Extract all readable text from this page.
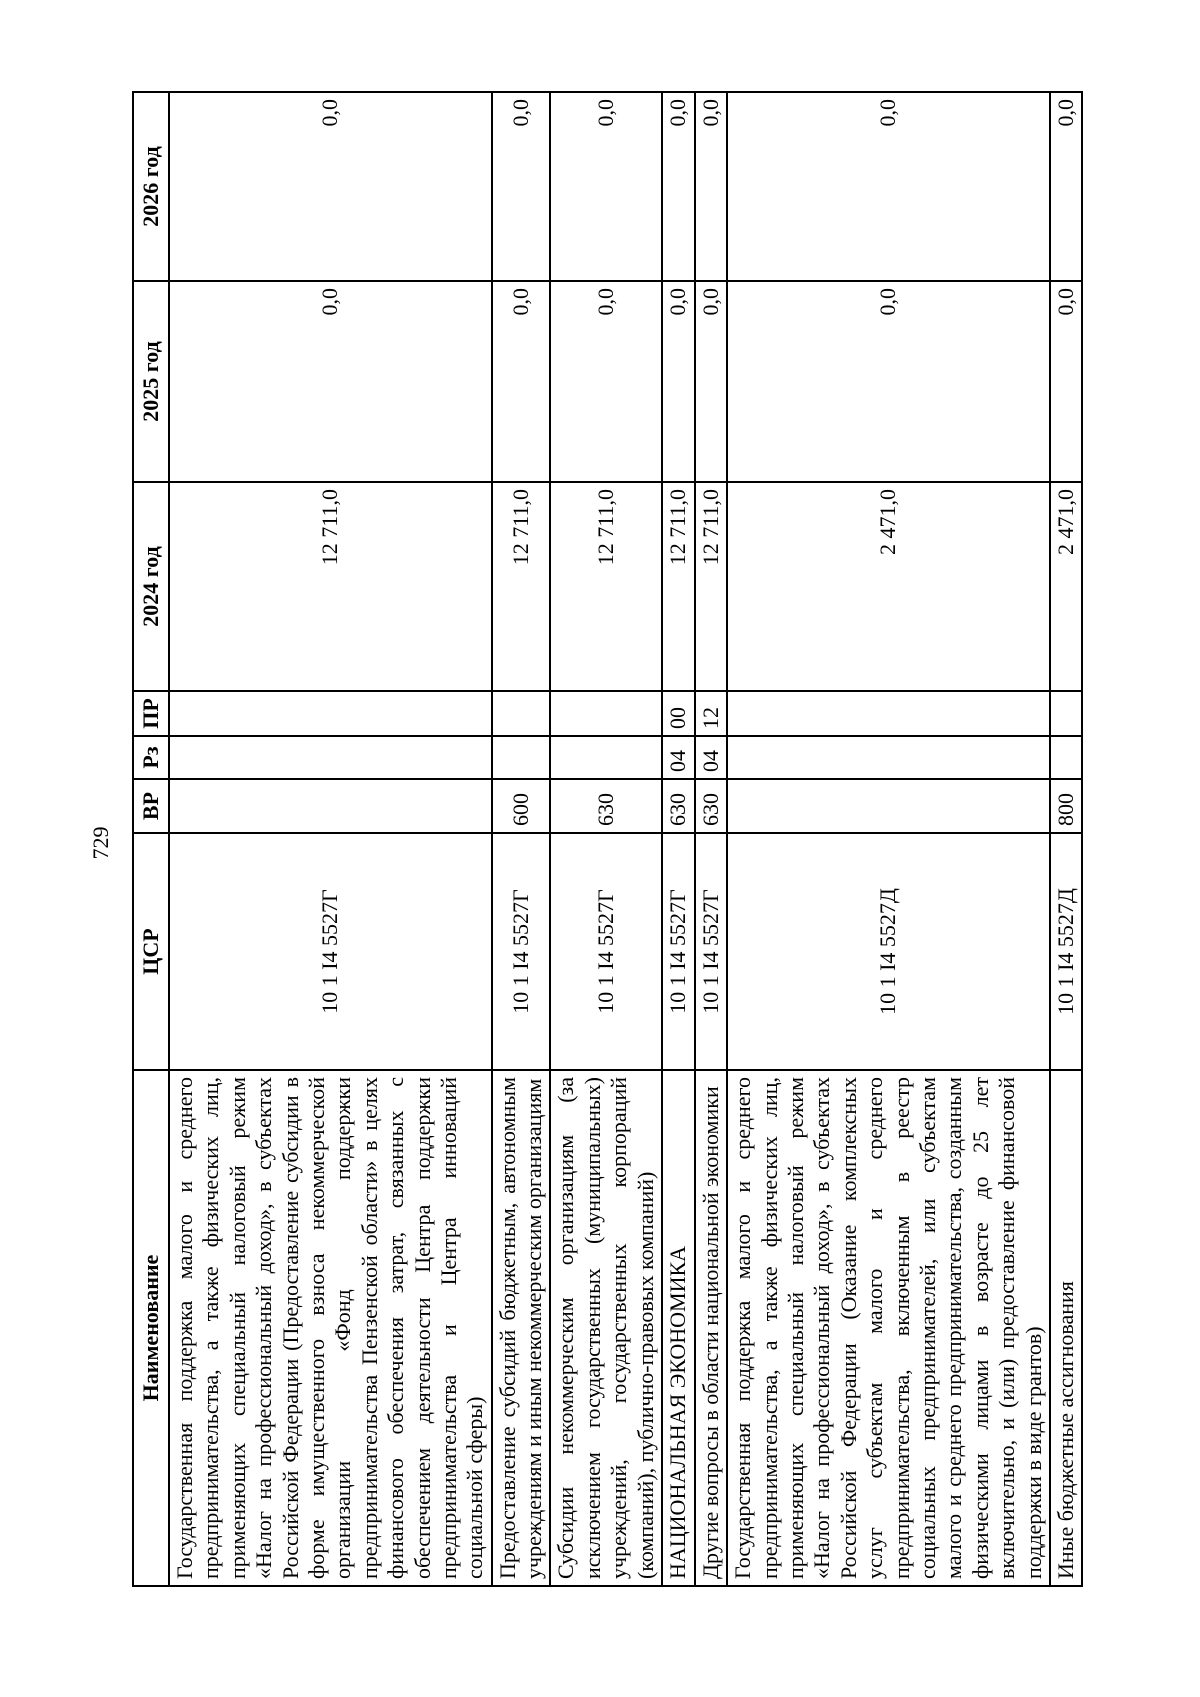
729
Наименование	ЦСР	ВР	Рз	ПР	2024 год	2025 год	2026 год
Государственная поддержка малого и среднего предпринимательства, а также физических лиц, применяющих специальный налоговый режим «Налог на профессиональный доход», в субъектах Российской Федерации (Предоставление субсидии в форме имущественного взноса некоммерческой организации «Фонд поддержки предпринимательства Пензенской области» в целях финансового обеспечения затрат, связанных с обеспечением деятельности Центра поддержки предпринимательства и Центра инноваций социальной сферы)	10 1 I4 5527Г				12 711,0	0,0	0,0
Предоставление субсидий бюджетным, автономным учреждениям и иным некоммерческим организациям	10 1 I4 5527Г	600			12 711,0	0,0	0,0
Субсидии некоммерческим организациям (за исключением государственных (муниципальных) учреждений, государственных корпораций (компаний), публично-правовых компаний)	10 1 I4 5527Г	630			12 711,0	0,0	0,0
НАЦИОНАЛЬНАЯ ЭКОНОМИКА	10 1 I4 5527Г	630	04	00	12 711,0	0,0	0,0
Другие вопросы в области национальной экономики	10 1 I4 5527Г	630	04	12	12 711,0	0,0	0,0
Государственная поддержка малого и среднего предпринимательства, а также физических лиц, применяющих специальный налоговый режим «Налог на профессиональный доход», в субъектах Российской Федерации (Оказание комплексных услуг субъектам малого и среднего предпринимательства, включенным в реестр социальных предпринимателей, или субъектам малого и среднего предпринимательства, созданным физическими лицами в возрасте до 25 лет включительно, и (или) предоставление финансовой поддержки в виде грантов)	10 1 I4 5527Д				2 471,0	0,0	0,0
Иные бюджетные ассигнования	10 1 I4 5527Д	800			2 471,0	0,0	0,0
